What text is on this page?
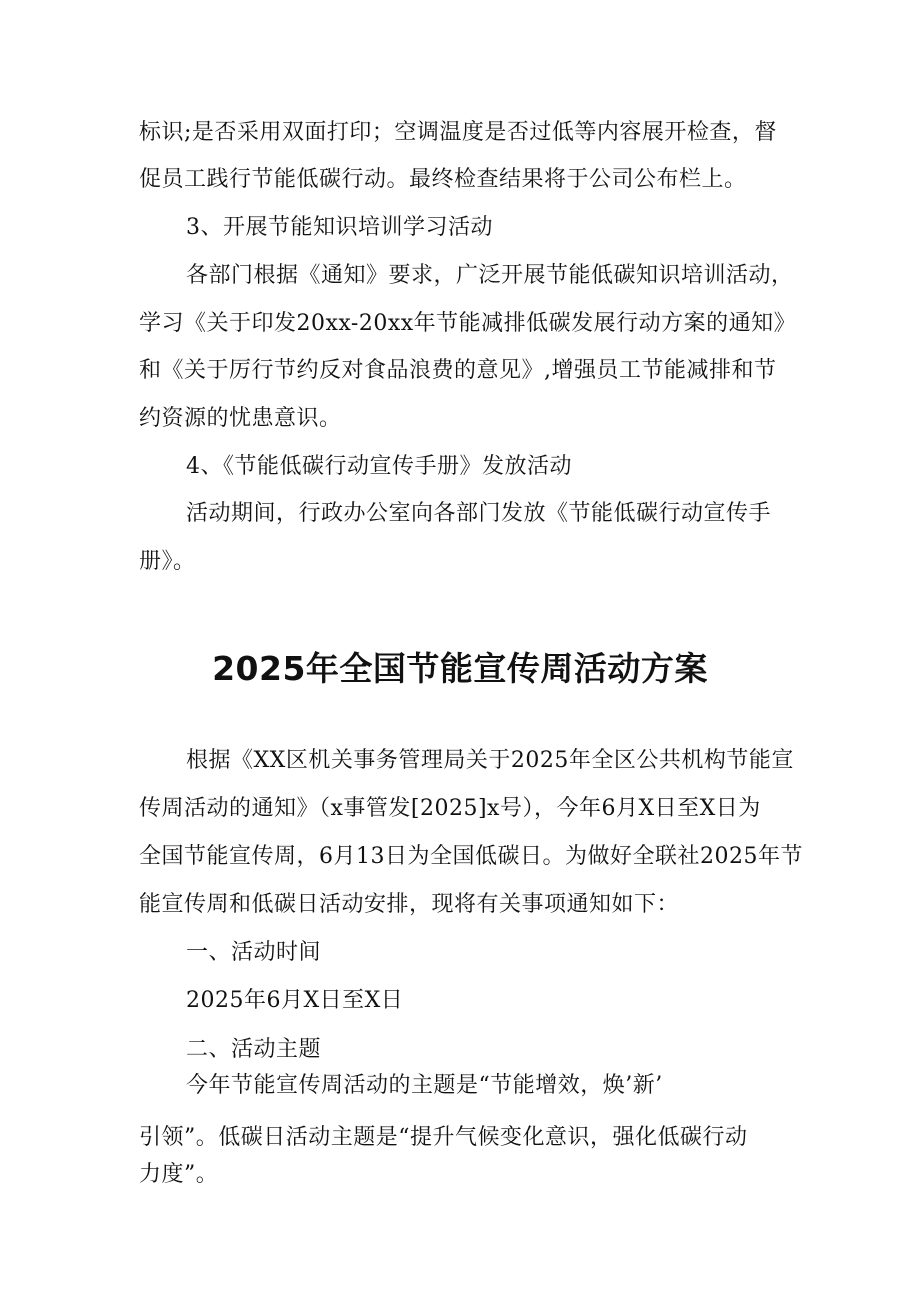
标识;是否采用双面打印；空调温度是否过低等内容展开检查，督

促员工践行节能低碳行动。最终检查结果将于公司公布栏上。

3、开展节能知识培训学习活动

各部门根据《通知》要求，广泛开展节能低碳知识培训活动，

学习《关于印发20xx-20xx年节能减排低碳发展行动方案的通知》

和《关于厉行节约反对食品浪费的意见》,增强员工节能减排和节

约资源的忧患意识。

4、《节能低碳行动宣传手册》发放活动

活动期间，行政办公室向各部门发放《节能低碳行动宣传手

册》。

2025年全国节能宣传周活动方案

根据《XX区机关事务管理局关于2025年全区公共机构节能宣

传周活动的通知》（x事管发[2025]x号），今年6月X日至X日为

全国节能宣传周，6月13日为全国低碳日。为做好全联社2025年节

能宣传周和低碳日活动安排，现将有关事项通知如下：

一、活动时间

2025年6月X日至X日

二、活动主题

今年节能宣传周活动的主题是“节能增效，焕’新’

引领”。低碳日活动主题是“提升气候变化意识，强化低碳行动

力度”。
